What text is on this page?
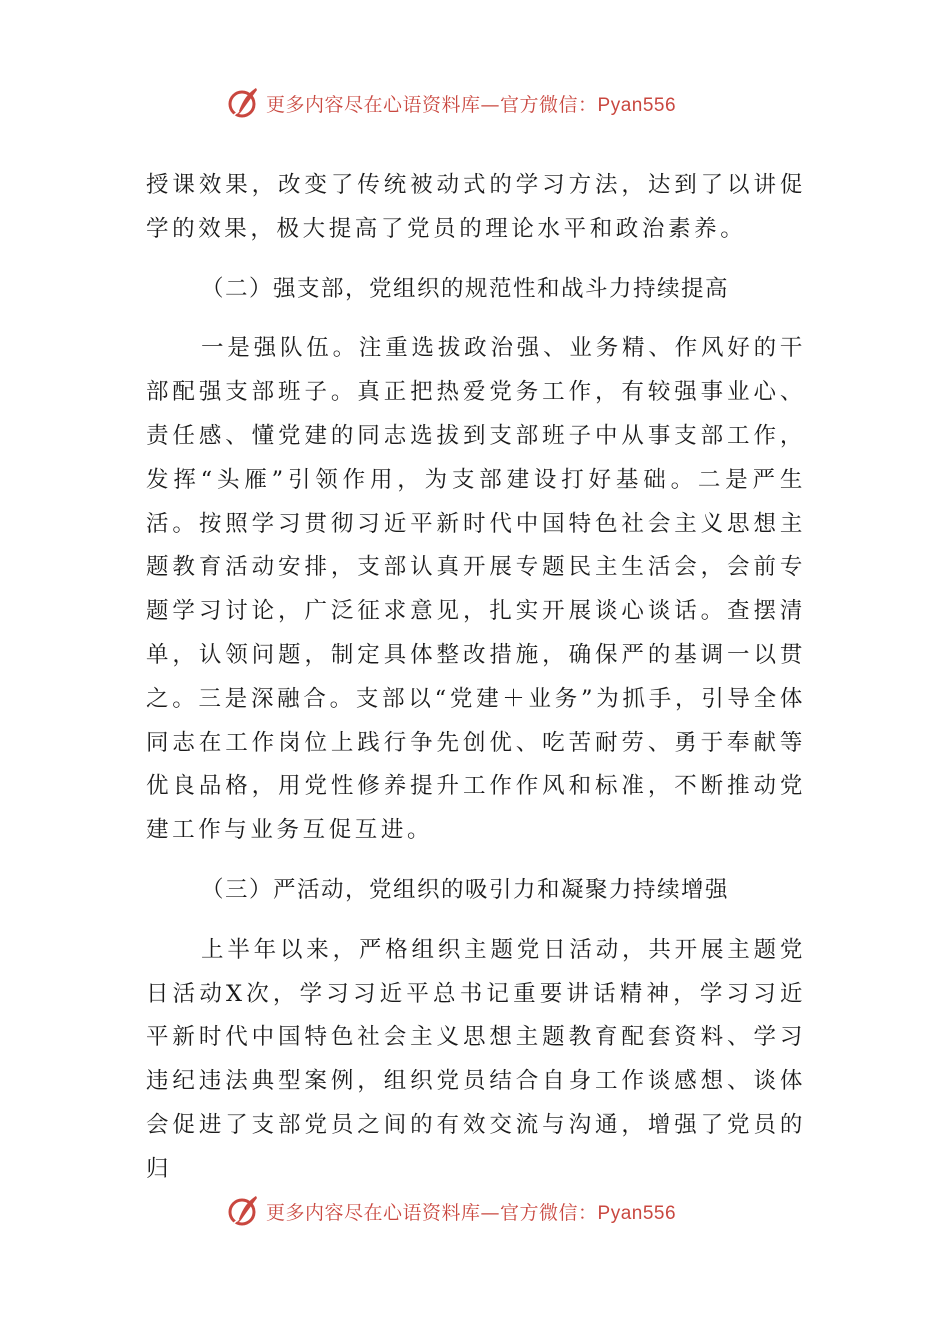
更多内容尽在心语资料库—官方微信：Pyan556

授课效果，改变了传统被动式的学习方法，达到了以讲促学的效果，极大提高了党员的理论水平和政治素养。

（二）强支部，党组织的规范性和战斗力持续提高

一是强队伍。注重选拔政治强、业务精、作风好的干部配强支部班子。真正把热爱党务工作，有较强事业心、责任感、懂党建的同志选拔到支部班子中从事支部工作，发挥“头雁”引领作用，为支部建设打好基础。二是严生活。按照学习贯彻习近平新时代中国特色社会主义思想主题教育活动安排，支部认真开展专题民主生活会，会前专题学习讨论，广泛征求意见，扎实开展谈心谈话。查摆清单，认领问题，制定具体整改措施，确保严的基调一以贯之。三是深融合。支部以“党建＋业务”为抓手，引导全体同志在工作岗位上践行争先创优、吃苦耐劳、勇于奉献等优良品格，用党性修养提升工作作风和标准，不断推动党建工作与业务互促互进。

（三）严活动，党组织的吸引力和凝聚力持续增强

上半年以来，严格组织主题党日活动，共开展主题党日活动X次，学习习近平总书记重要讲话精神，学习习近平新时代中国特色社会主义思想主题教育配套资料、学习违纪违法典型案例，组织党员结合自身工作谈感想、谈体会促进了支部党员之间的有效交流与沟通，增强了党员的归

更多内容尽在心语资料库—官方微信：Pyan556
